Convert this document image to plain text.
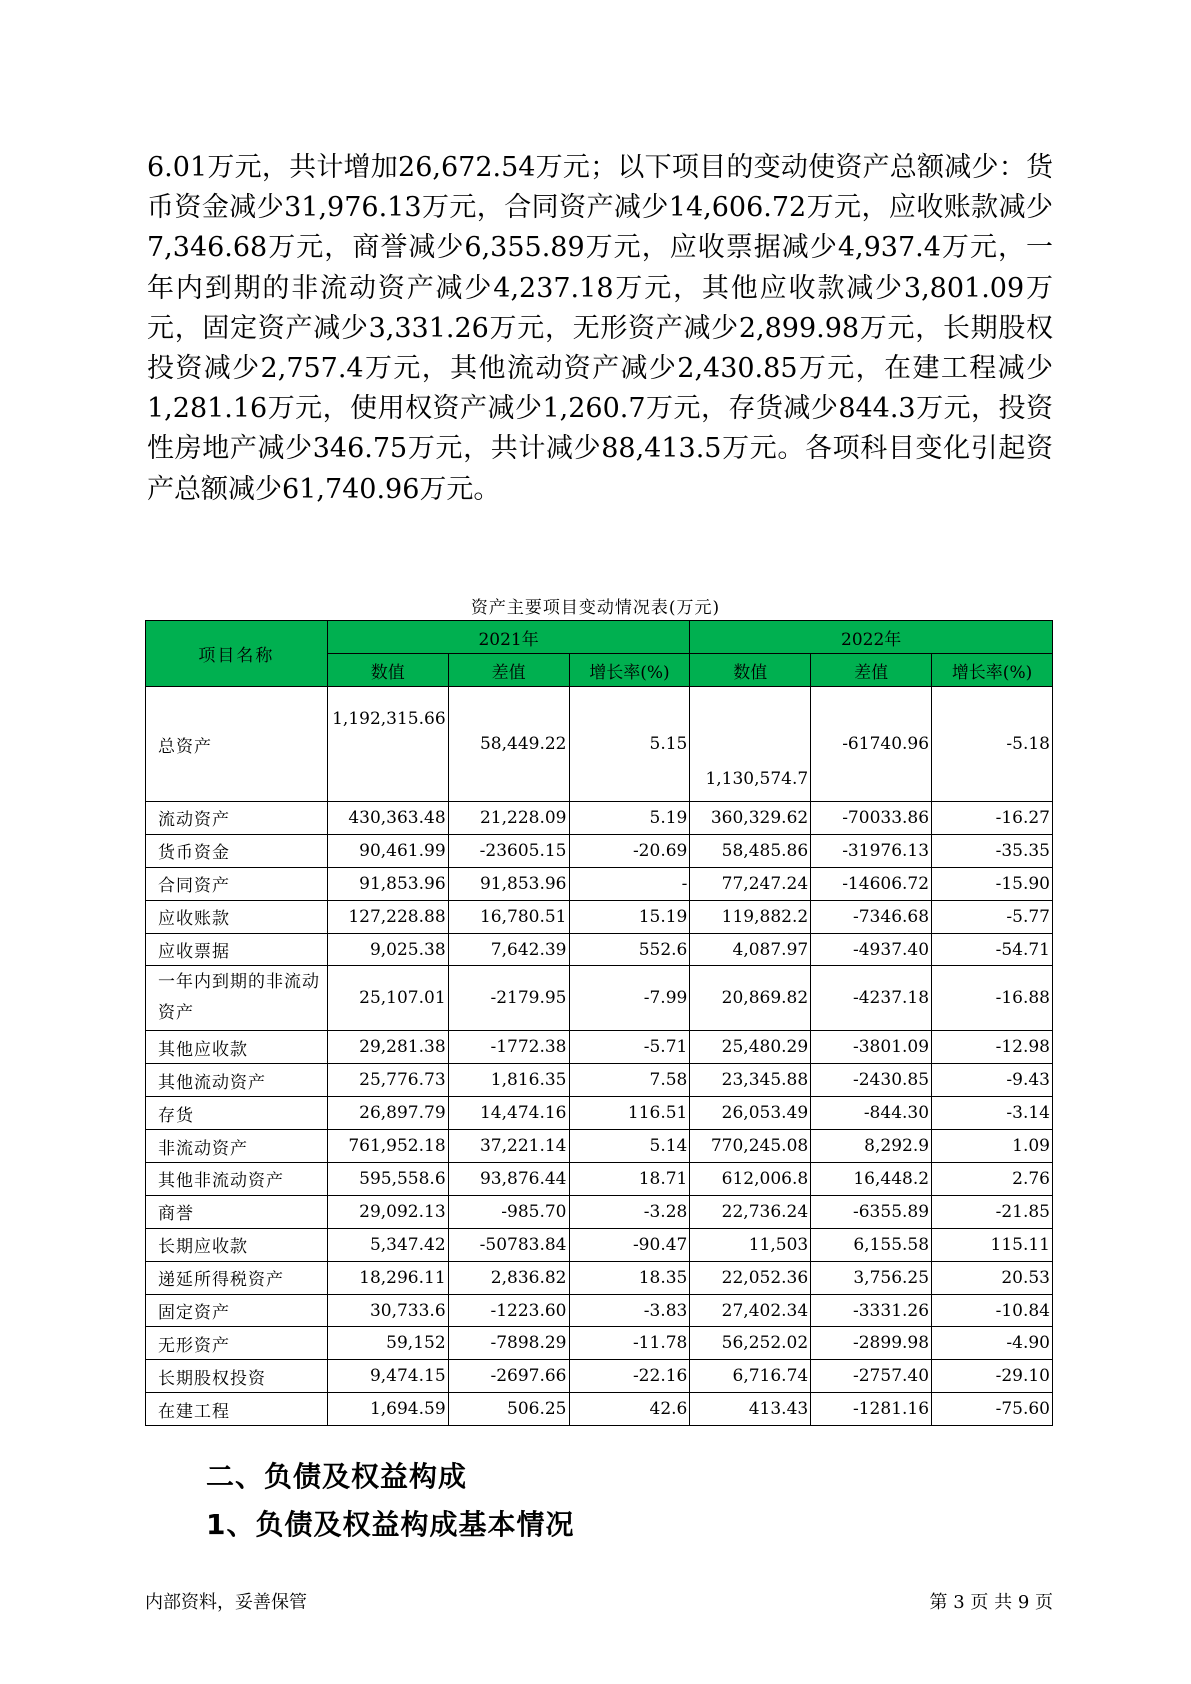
6.01万元，共计增加26,672.54万元；以下项目的变动使资产总额减少：货币资金减少31,976.13万元，合同资产减少14,606.72万元，应收账款减少7,346.68万元，商誉减少6,355.89万元，应收票据减少4,937.4万元，一年内到期的非流动资产减少4,237.18万元，其他应收款减少3,801.09万元，固定资产减少3,331.26万元，无形资产减少2,899.98万元，长期股权投资减少2,757.4万元，其他流动资产减少2,430.85万元，在建工程减少1,281.16万元，使用权资产减少1,260.7万元，存货减少844.3万元，投资性房地产减少346.75万元，共计减少88,413.5万元。各项科目变化引起资产总额减少61,740.96万元。

资产主要项目变动情况表(万元)
项目名称	2021年			2022年		
	数值	差值	增长率(%)	数值	差值	增长率(%)
总资产	1,192,315.66	58,449.22	5.15	1,130,574.7	-61740.96	-5.18
流动资产	430,363.48	21,228.09	5.19	360,329.62	-70033.86	-16.27
货币资金	90,461.99	-23605.15	-20.69	58,485.86	-31976.13	-35.35
合同资产	91,853.96	91,853.96	-	77,247.24	-14606.72	-15.90
应收账款	127,228.88	16,780.51	15.19	119,882.2	-7346.68	-5.77
应收票据	9,025.38	7,642.39	552.6	4,087.97	-4937.40	-54.71
一年内到期的非流动资产	25,107.01	-2179.95	-7.99	20,869.82	-4237.18	-16.88
其他应收款	29,281.38	-1772.38	-5.71	25,480.29	-3801.09	-12.98
其他流动资产	25,776.73	1,816.35	7.58	23,345.88	-2430.85	-9.43
存货	26,897.79	14,474.16	116.51	26,053.49	-844.30	-3.14
非流动资产	761,952.18	37,221.14	5.14	770,245.08	8,292.9	1.09
其他非流动资产	595,558.6	93,876.44	18.71	612,006.8	16,448.2	2.76
商誉	29,092.13	-985.70	-3.28	22,736.24	-6355.89	-21.85
长期应收款	5,347.42	-50783.84	-90.47	11,503	6,155.58	115.11
递延所得税资产	18,296.11	2,836.82	18.35	22,052.36	3,756.25	20.53
固定资产	30,733.6	-1223.60	-3.83	27,402.34	-3331.26	-10.84
无形资产	59,152	-7898.29	-11.78	56,252.02	-2899.98	-4.90
长期股权投资	9,474.15	-2697.66	-22.16	6,716.74	-2757.40	-29.10
在建工程	1,694.59	506.25	42.6	413.43	-1281.16	-75.60
二、负债及权益构成
1、负债及权益构成基本情况
内部资料，妥善保管	第 3 页 共 9 页
